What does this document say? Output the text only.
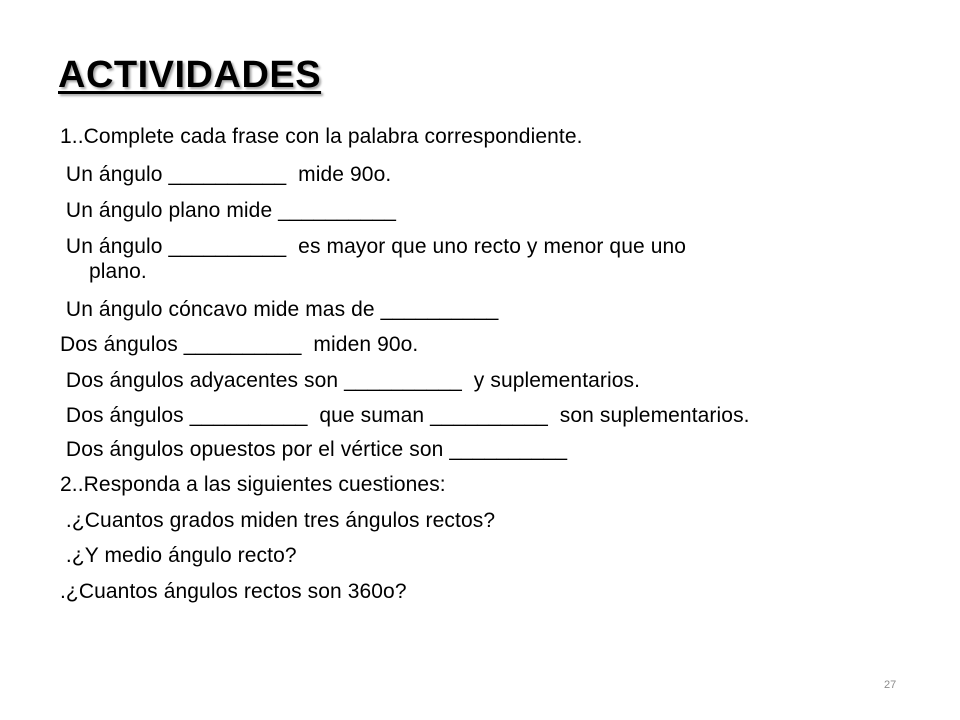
ACTIVIDADES

1..Complete cada frase con la palabra correspondiente.

Un ángulo __________  mide 90o.

Un ángulo plano mide __________

Un ángulo __________  es mayor que uno recto y menor que uno

plano.

Un ángulo cóncavo mide mas de __________

Dos ángulos __________  miden 90o.

Dos ángulos adyacentes son __________  y suplementarios.

Dos ángulos __________  que suman __________  son suplementarios.

Dos ángulos opuestos por el vértice son __________

2..Responda a las siguientes cuestiones:

.¿Cuantos grados miden tres ángulos rectos?

.¿Y medio ángulo recto?

.¿Cuantos ángulos rectos son 360o?

27
